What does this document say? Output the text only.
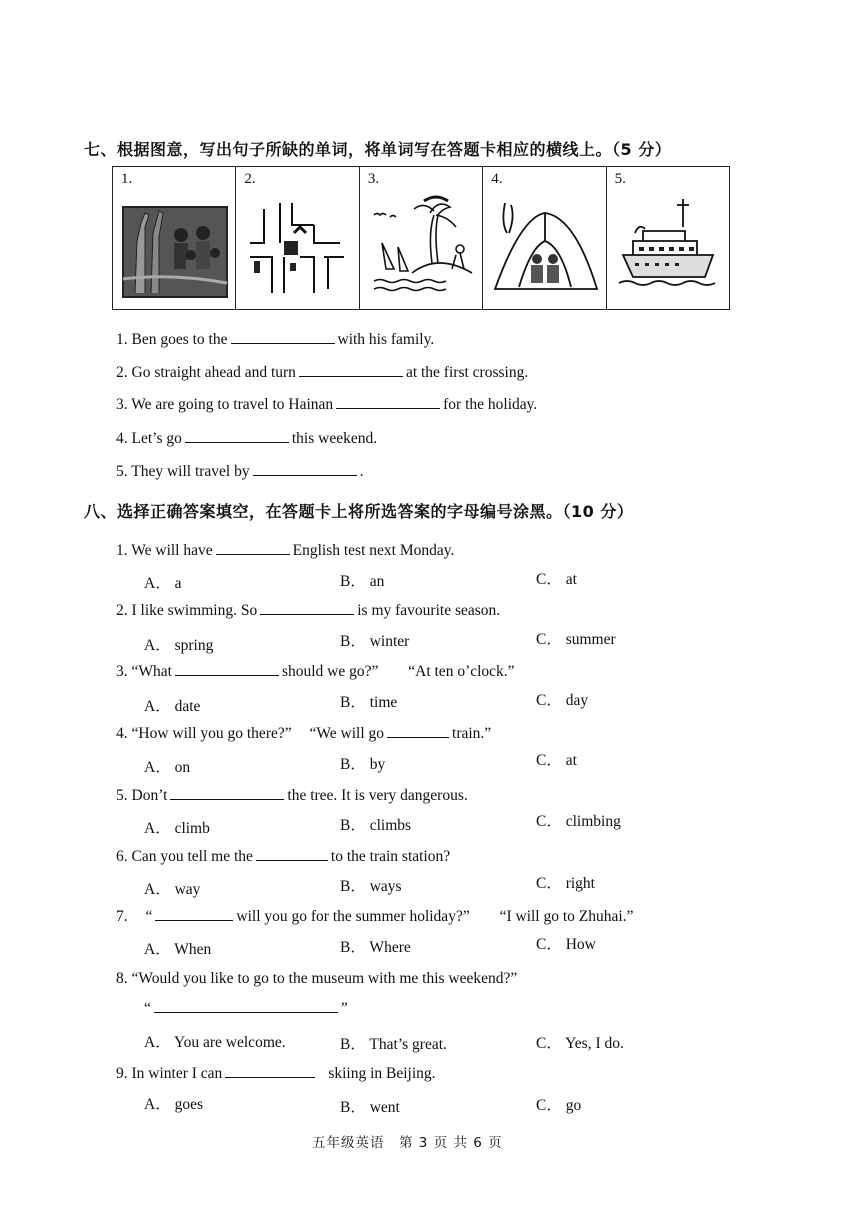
七、根据图意，写出句子所缺的单词，将单词写在答题卡相应的横线上。（5 分）
1.	2.	3.	4.	5.
1. Ben goes to the	with his family.
2. Go straight ahead and turn	at the first crossing.
3. We are going to travel to Hainan	for the holiday.
4. Let’s go	this weekend.
5. They will travel by	.
八、选择正确答案填空，在答题卡上将所选答案的字母编号涂黑。（10 分）
1. We will have	English test next Monday.
A． a	B． an	C． at
2. I like swimming. So	is my favourite season.
A． spring	B． winter	C． summer
3. “What	should we go?” “At ten o’clock.”
A． date	B． time	C． day
4. “How will you go there?” “We will go	train.”
A． on	B． by	C． at
5. Don’t	the tree. It is very dangerous.
A． climb	B． climbs	C． climbing
6. Can you tell me the	to the train station?
A． way	B． ways	C． right
7. “	will you go for the summer holiday?” “I will go to Zhuhai.”
A． When	B． Where	C． How
8. “Would you like to go to the museum with me this weekend?”
“	”
A． You are welcome.	B． That’s great.	C． Yes, I do.
9. In winter I can	skiing in Beijing.
A． goes	B． went	C． go
五年级英语　第 3 页 共 6 页
